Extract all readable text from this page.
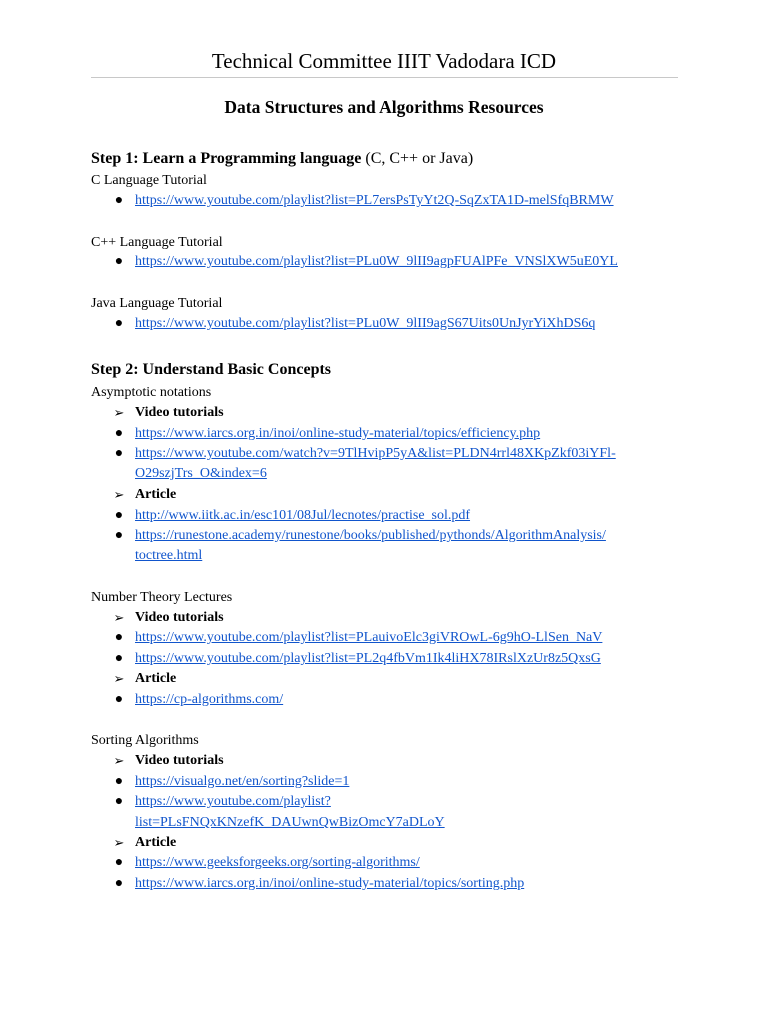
Technical Committee IIIT Vadodara ICD
Data Structures and Algorithms Resources
Step 1: Learn a Programming language (C, C++ or Java)
C Language Tutorial
● https://www.youtube.com/playlist?list=PL7ersPsTyYt2Q-SqZxTA1D-melSfqBRMW
C++ Language Tutorial
● https://www.youtube.com/playlist?list=PLu0W_9lII9agpFUAlPFe_VNSlXW5uE0YL
Java Language Tutorial
● https://www.youtube.com/playlist?list=PLu0W_9lII9agS67Uits0UnJyrYiXhDS6q
Step 2: Understand Basic Concepts
Asymptotic notations
➢ Video tutorials
● https://www.iarcs.org.in/inoi/online-study-material/topics/efficiency.php
● https://www.youtube.com/watch?v=9TlHvipP5yA&list=PLDN4rrl48XKpZkf03iYFl-
O29szjTrs_O&index=6
➢ Article
● http://www.iitk.ac.in/esc101/08Jul/lecnotes/practise_sol.pdf
● https://runestone.academy/runestone/books/published/pythonds/AlgorithmAnalysis/
toctree.html
Number Theory Lectures
➢ Video tutorials
● https://www.youtube.com/playlist?list=PLauivoElc3giVROwL-6g9hO-LlSen_NaV
● https://www.youtube.com/playlist?list=PL2q4fbVm1Ik4liHX78IRslXzUr8z5QxsG
➢ Article
● https://cp-algorithms.com/
Sorting Algorithms
➢ Video tutorials
● https://visualgo.net/en/sorting?slide=1
● https://www.youtube.com/playlist?
list=PLsFNQxKNzefK_DAUwnQwBizOmcY7aDLoY
➢ Article
● https://www.geeksforgeeks.org/sorting-algorithms/
● https://www.iarcs.org.in/inoi/online-study-material/topics/sorting.php
